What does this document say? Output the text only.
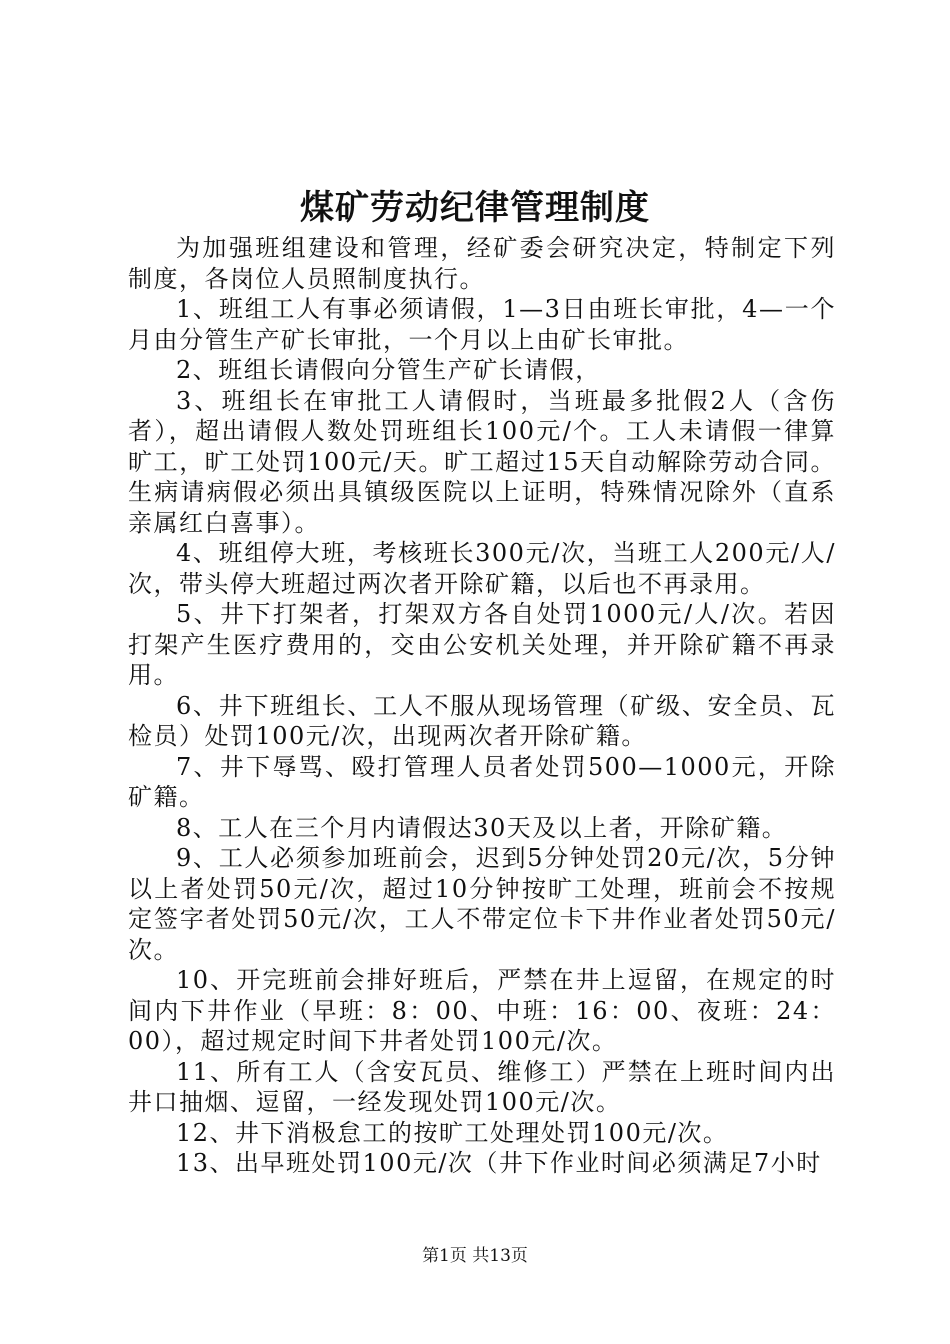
煤矿劳动纪律管理制度

为加强班组建设和管理，经矿委会研究决定，特制定下列制度，各岗位人员照制度执行。

1、班组工人有事必须请假，1—3日由班长审批，4—一个月由分管生产矿长审批，一个月以上由矿长审批。

2、班组长请假向分管生产矿长请假，

3、班组长在审批工人请假时，当班最多批假2人（含伤者），超出请假人数处罚班组长100元/个。工人未请假一律算旷工，旷工处罚100元/天。旷工超过15天自动解除劳动合同。生病请病假必须出具镇级医院以上证明，特殊情况除外（直系亲属红白喜事）。

4、班组停大班，考核班长300元/次，当班工人200元/人/次，带头停大班超过两次者开除矿籍，以后也不再录用。

5、井下打架者，打架双方各自处罚1000元/人/次。若因打架产生医疗费用的，交由公安机关处理，并开除矿籍不再录用。

6、井下班组长、工人不服从现场管理（矿级、安全员、瓦检员）处罚100元/次，出现两次者开除矿籍。

7、井下辱骂、殴打管理人员者处罚500—1000元，开除矿籍。

8、工人在三个月内请假达30天及以上者，开除矿籍。

9、工人必须参加班前会，迟到5分钟处罚20元/次，5分钟以上者处罚50元/次，超过10分钟按旷工处理，班前会不按规定签字者处罚50元/次，工人不带定位卡下井作业者处罚50元/次。

10、开完班前会排好班后，严禁在井上逗留，在规定的时间内下井作业（早班：8：00、中班：16：00、夜班：24：00），超过规定时间下井者处罚100元/次。

11、所有工人（含安瓦员、维修工）严禁在上班时间内出井口抽烟、逗留，一经发现处罚100元/次。

12、井下消极怠工的按旷工处理处罚100元/次。

13、出早班处罚100元/次（井下作业时间必须满足7小时

第1页 共13页
